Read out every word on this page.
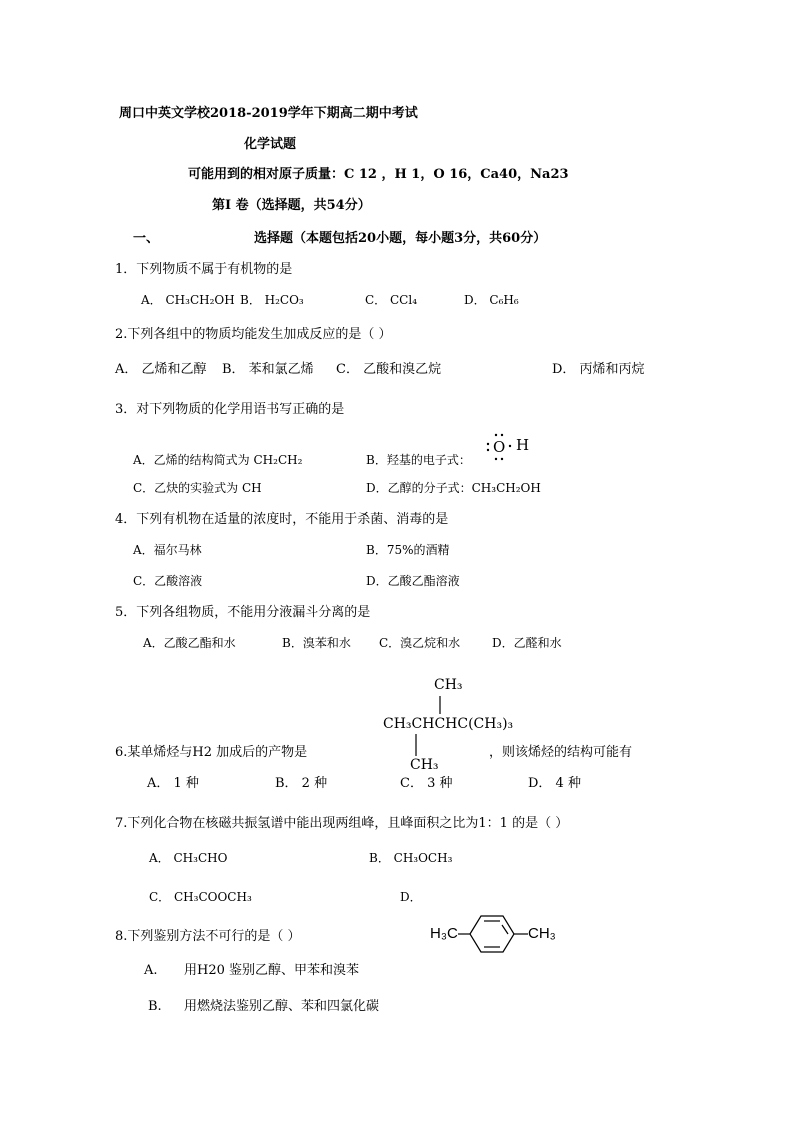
周口中英文学校2018-2019学年下期高二期中考试
化学试题
可能用到的相对原子质量：C 12 ，H 1，O 16，Ca40，Na23
第Ⅰ 卷（选择题，共54分）
一、	选择题（本题包括20小题，每小题3分，共60分）
1．下列物质不属于有机物的是
A． CH₃CH₂OH B． H₂CO₃	C． CCl₄	D． C₆H₆
2.下列各组中的物质均能发生加成反应的是（ ）
A． 乙烯和乙醇 B． 苯和氯乙烯 C． 乙酸和溴乙烷	D． 丙烯和丙烷
3．对下列物质的化学用语书写正确的是
A．乙烯的结构简式为 CH₂CH₂	B．羟基的电子式：
O H
C．乙炔的实验式为 CH	D．乙醇的分子式：CH₃CH₂OH
4．下列有机物在适量的浓度时，不能用于杀菌、消毒的是
A．福尔马林	B．75%的酒精
C．乙酸溶液	D．乙酸乙酯溶液
5．下列各组物质，不能用分液漏斗分离的是
A．乙酸乙酯和水	B．溴苯和水 C．溴乙烷和水	D．乙醛和水
CH₃
CH₃CHCHC(CH₃)₃
CH₃
6.某单烯烃与H2 加成后的产物是	，则该烯烃的结构可能有
A． 1 种	B． 2 种	C． 3 种	D． 4 种
7.下列化合物在核磁共振氢谱中能出现两组峰，且峰面积之比为1：1 的是（ ）
A． CH₃CHO	B． CH₃OCH₃
C． CH₃COOCH₃	D．
8.下列鉴别方法不可行的是（ ）	H₃C	CH₃
A. 用H20 鉴别乙醇、甲苯和溴苯
B. 用燃烧法鉴别乙醇、苯和四氯化碳
